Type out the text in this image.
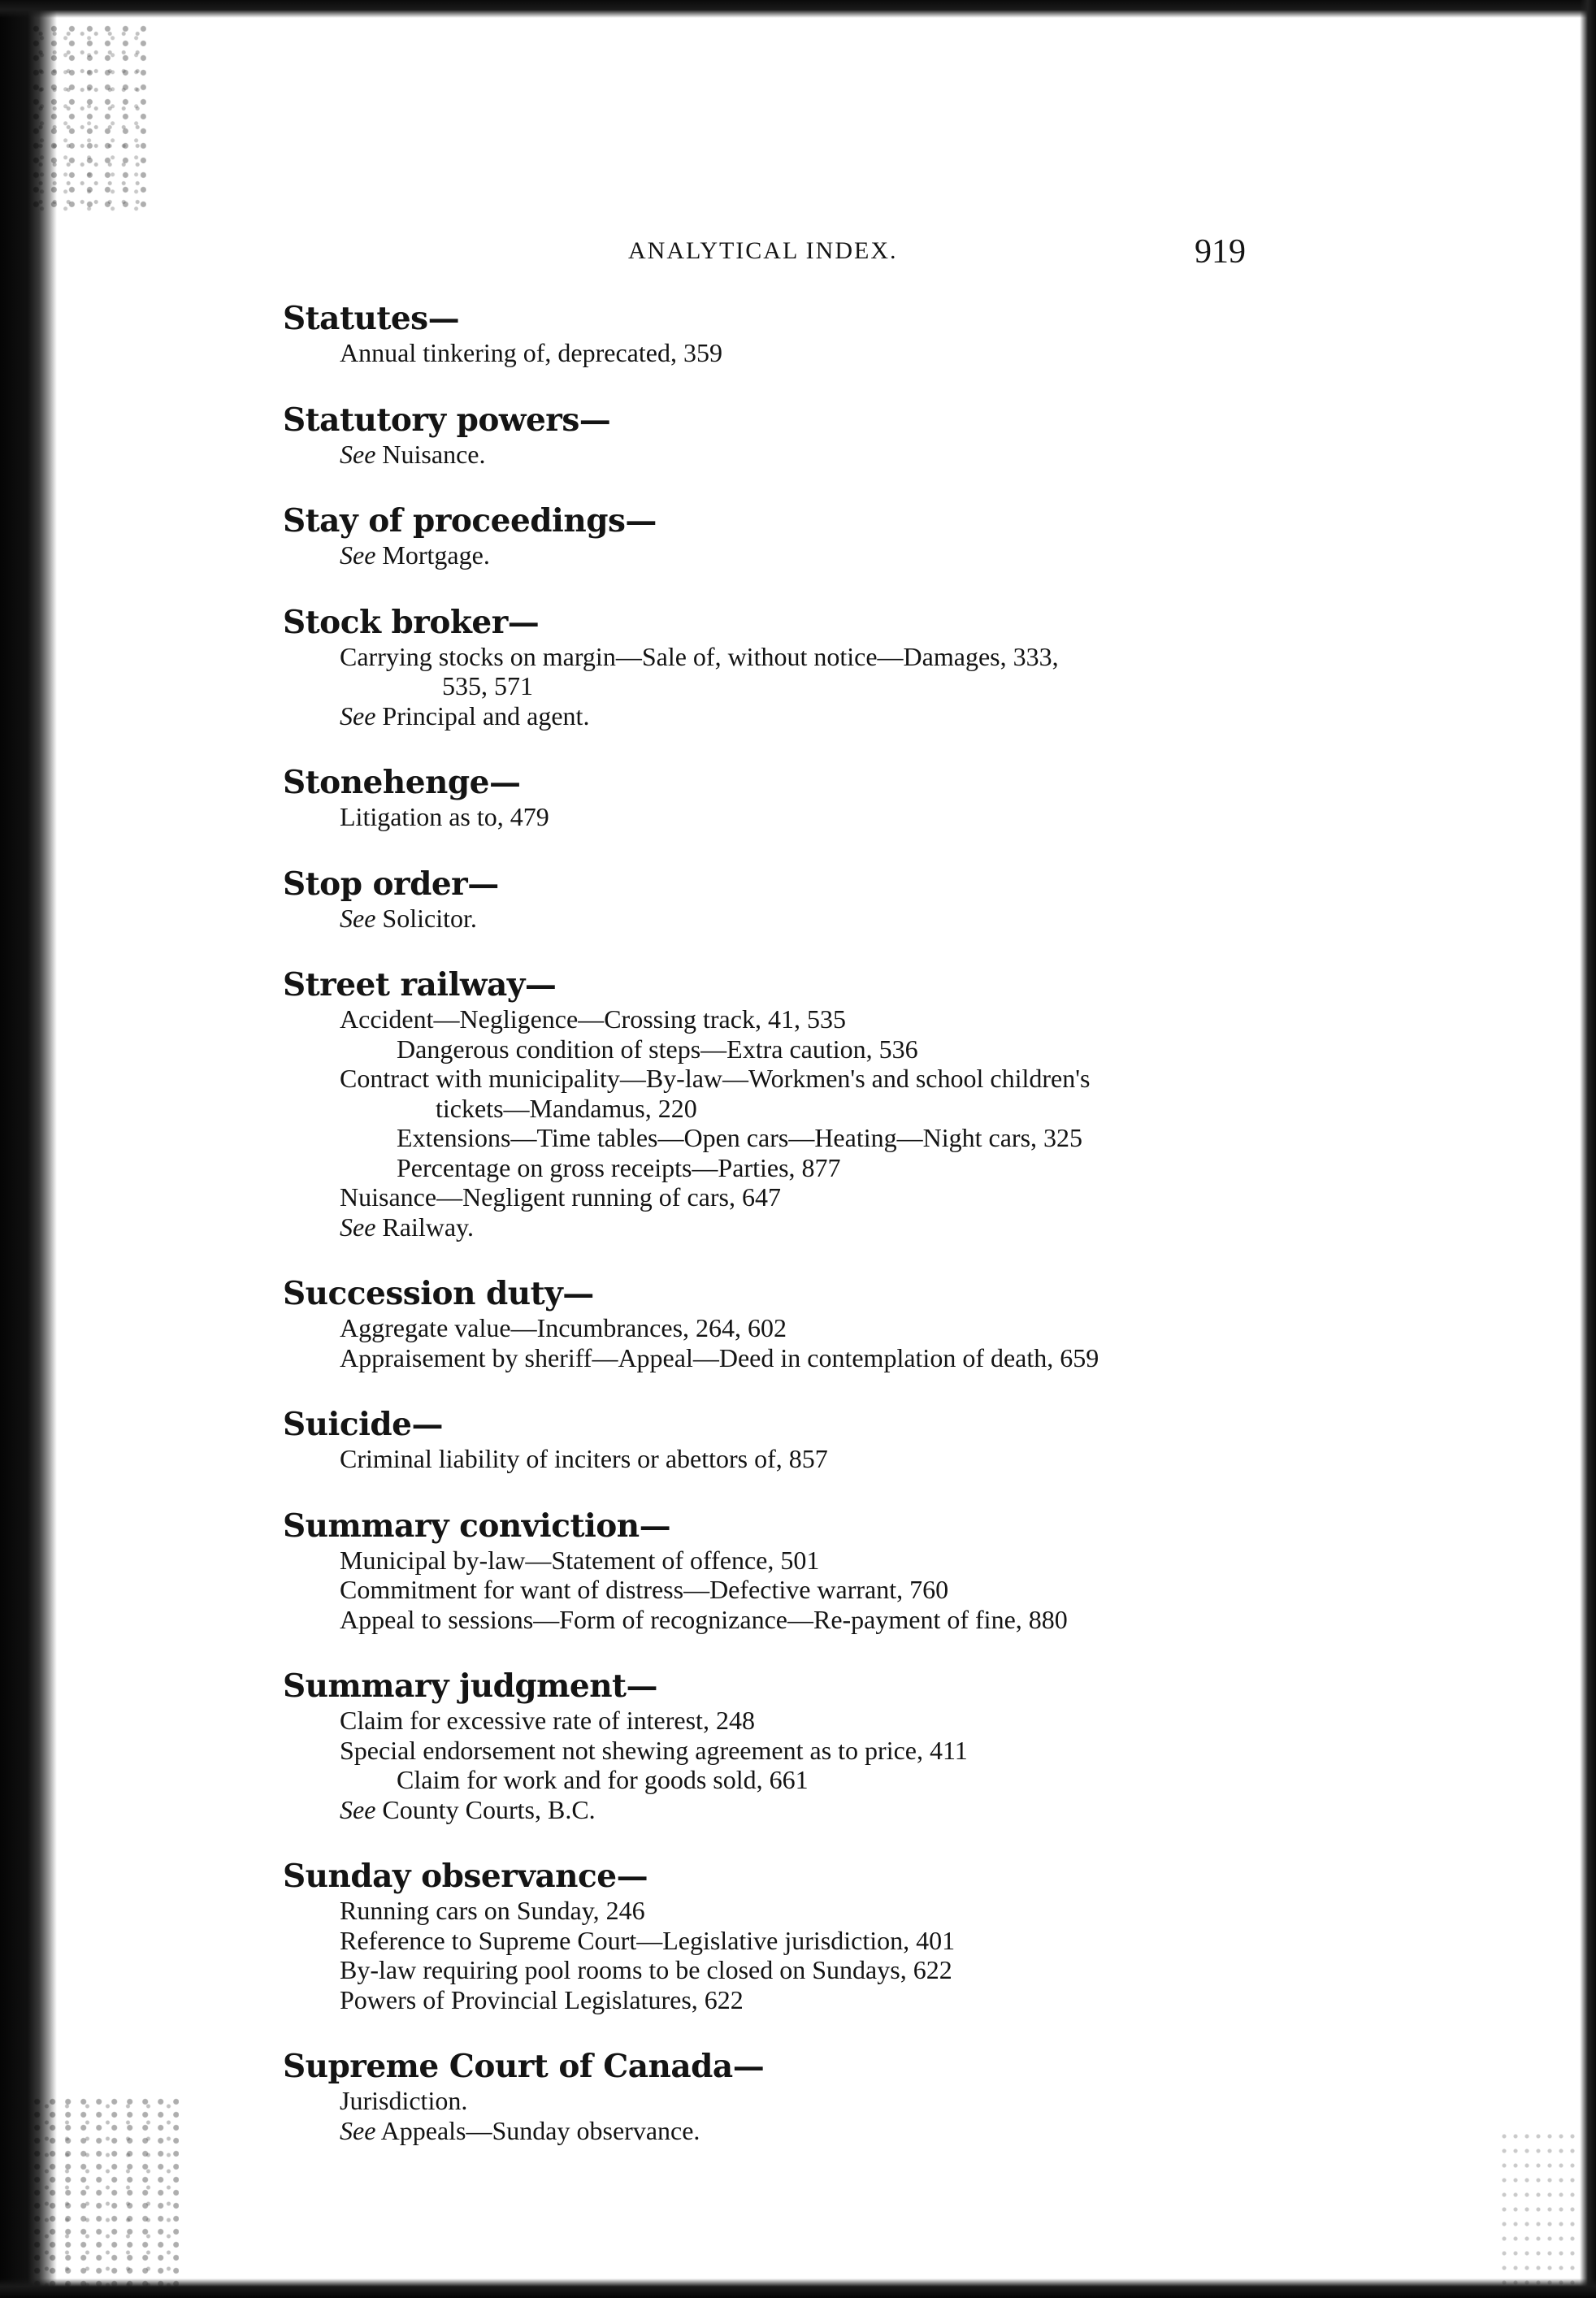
ANALYTICAL INDEX.	919
Statutes—
Annual tinkering of, deprecated, 359
Statutory powers—
See Nuisance.
Stay of proceedings—
See Mortgage.
Stock broker—
Carrying stocks on margin—Sale of, without notice—Damages, 333,
535, 571
See Principal and agent.
Stonehenge—
Litigation as to, 479
Stop order—
See Solicitor.
Street railway—
Accident—Negligence—Crossing track, 41, 535
Dangerous condition of steps—Extra caution, 536
Contract with municipality—By-law—Workmen's and school children's
tickets—Mandamus, 220
Extensions—Time tables—Open cars—Heating—Night cars, 325
Percentage on gross receipts—Parties, 877
Nuisance—Negligent running of cars, 647
See Railway.
Succession duty—
Aggregate value—Incumbrances, 264, 602
Appraisement by sheriff—Appeal—Deed in contemplation of death, 659
Suicide—
Criminal liability of inciters or abettors of, 857
Summary conviction—
Municipal by-law—Statement of offence, 501
Commitment for want of distress—Defective warrant, 760
Appeal to sessions—Form of recognizance—Re-payment of fine, 880
Summary judgment—
Claim for excessive rate of interest, 248
Special endorsement not shewing agreement as to price, 411
Claim for work and for goods sold, 661
See County Courts, B.C.
Sunday observance—
Running cars on Sunday, 246
Reference to Supreme Court—Legislative jurisdiction, 401
By-law requiring pool rooms to be closed on Sundays, 622
Powers of Provincial Legislatures, 622
Supreme Court of Canada—
Jurisdiction.
See Appeals—Sunday observance.
